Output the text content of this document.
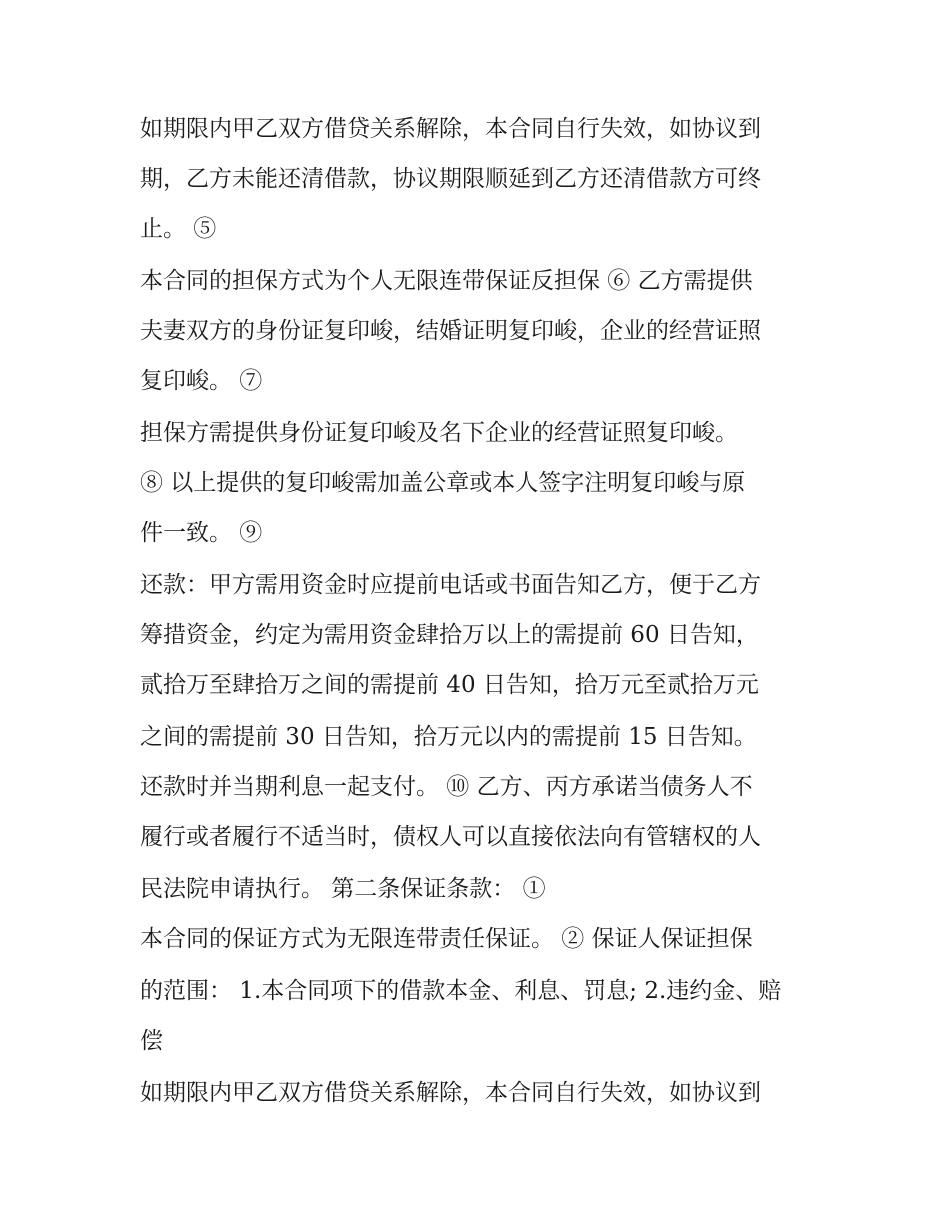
如期限内甲乙双方借贷关系解除，本合同自行失效，如协议到
期，乙方未能还清借款，协议期限顺延到乙方还清借款方可终
止。 ⑤
本合同的担保方式为个人无限连带保证反担保 ⑥ 乙方需提供
夫妻双方的身份证复印峻，结婚证明复印峻，企业的经营证照
复印峻。 ⑦
担保方需提供身份证复印峻及名下企业的经营证照复印峻。
⑧ 以上提供的复印峻需加盖公章或本人签字注明复印峻与原
件一致。 ⑨
还款：甲方需用资金时应提前电话或书面告知乙方，便于乙方
筹措资金，约定为需用资金肆拾万以上的需提前 60 日告知，
贰拾万至肆拾万之间的需提前 40 日告知，拾万元至贰拾万元
之间的需提前 30 日告知，拾万元以内的需提前 15 日告知。
还款时并当期利息一起支付。 ⑩ 乙方、丙方承诺当债务人不
履行或者履行不适当时，债权人可以直接依法向有管辖权的人
民法院申请执行。 第二条保证条款： ①
本合同的保证方式为无限连带责任保证。 ② 保证人保证担保
的范围： 1.本合同项下的借款本金、利息、罚息; 2.违约金、赔
偿
如期限内甲乙双方借贷关系解除，本合同自行失效，如协议到
